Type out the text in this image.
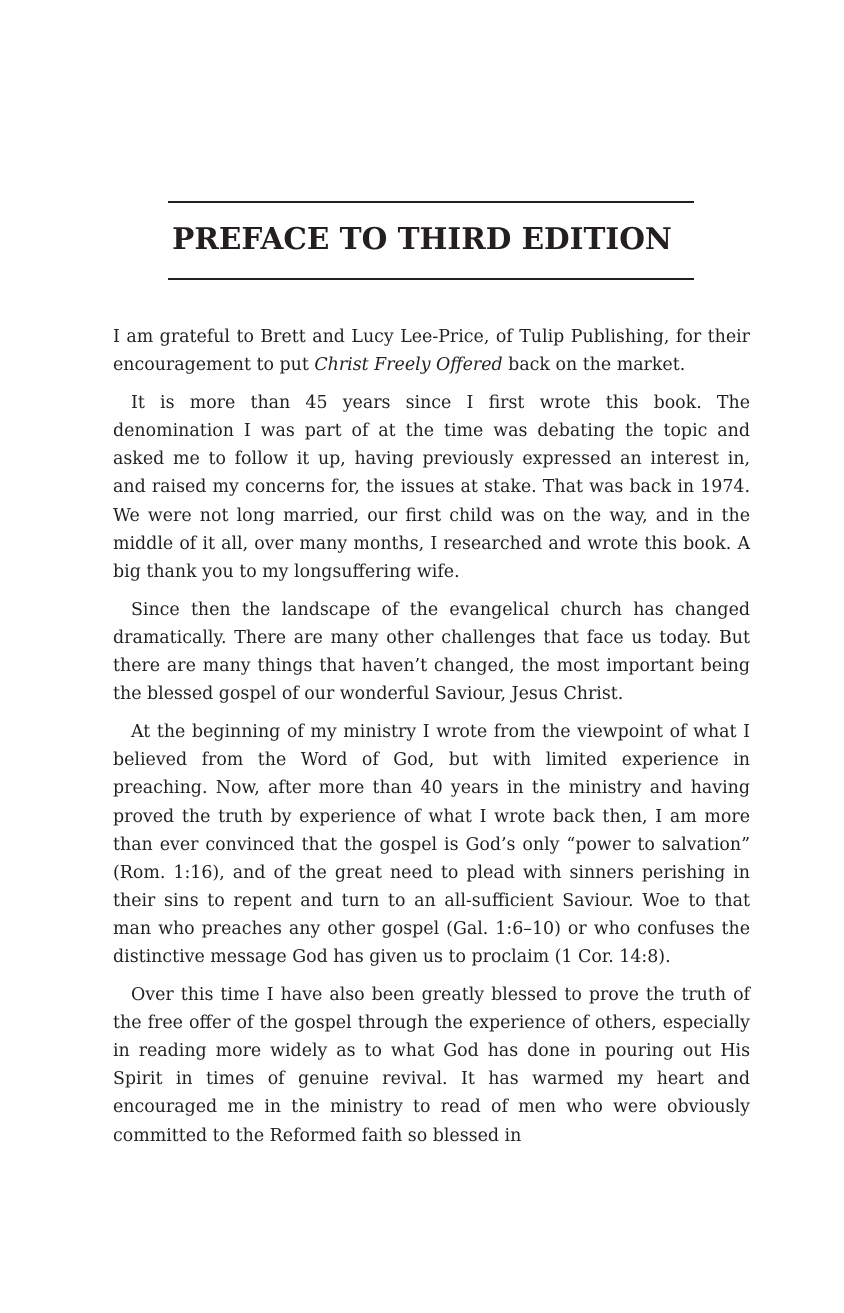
PREFACE TO THIRD EDITION

I am grateful to Brett and Lucy Lee-Price, of Tulip Publishing, for their encouragement to put Christ Freely Offered back on the market.

It is more than 45 years since I first wrote this book. The denomination I was part of at the time was debating the topic and asked me to follow it up, having previously expressed an interest in, and raised my concerns for, the issues at stake. That was back in 1974. We were not long married, our first child was on the way, and in the middle of it all, over many months, I researched and wrote this book. A big thank you to my longsuffering wife.

Since then the landscape of the evangelical church has changed dramatically. There are many other challenges that face us today. But there are many things that haven’t changed, the most important being the blessed gospel of our wonderful Saviour, Jesus Christ.

At the beginning of my ministry I wrote from the viewpoint of what I believed from the Word of God, but with limited experience in preaching. Now, after more than 40 years in the ministry and having proved the truth by experience of what I wrote back then, I am more than ever convinced that the gospel is God’s only “power to salvation” (Rom. 1:16), and of the great need to plead with sinners perishing in their sins to repent and turn to an all-sufficient Saviour. Woe to that man who preaches any other gospel (Gal. 1:6–10) or who confuses the distinctive message God has given us to proclaim (1 Cor. 14:8).

Over this time I have also been greatly blessed to prove the truth of the free offer of the gospel through the experience of others, especially in reading more widely as to what God has done in pouring out His Spirit in times of genuine revival. It has warmed my heart and encouraged me in the ministry to read of men who were obviously committed to the Reformed faith so blessed in
